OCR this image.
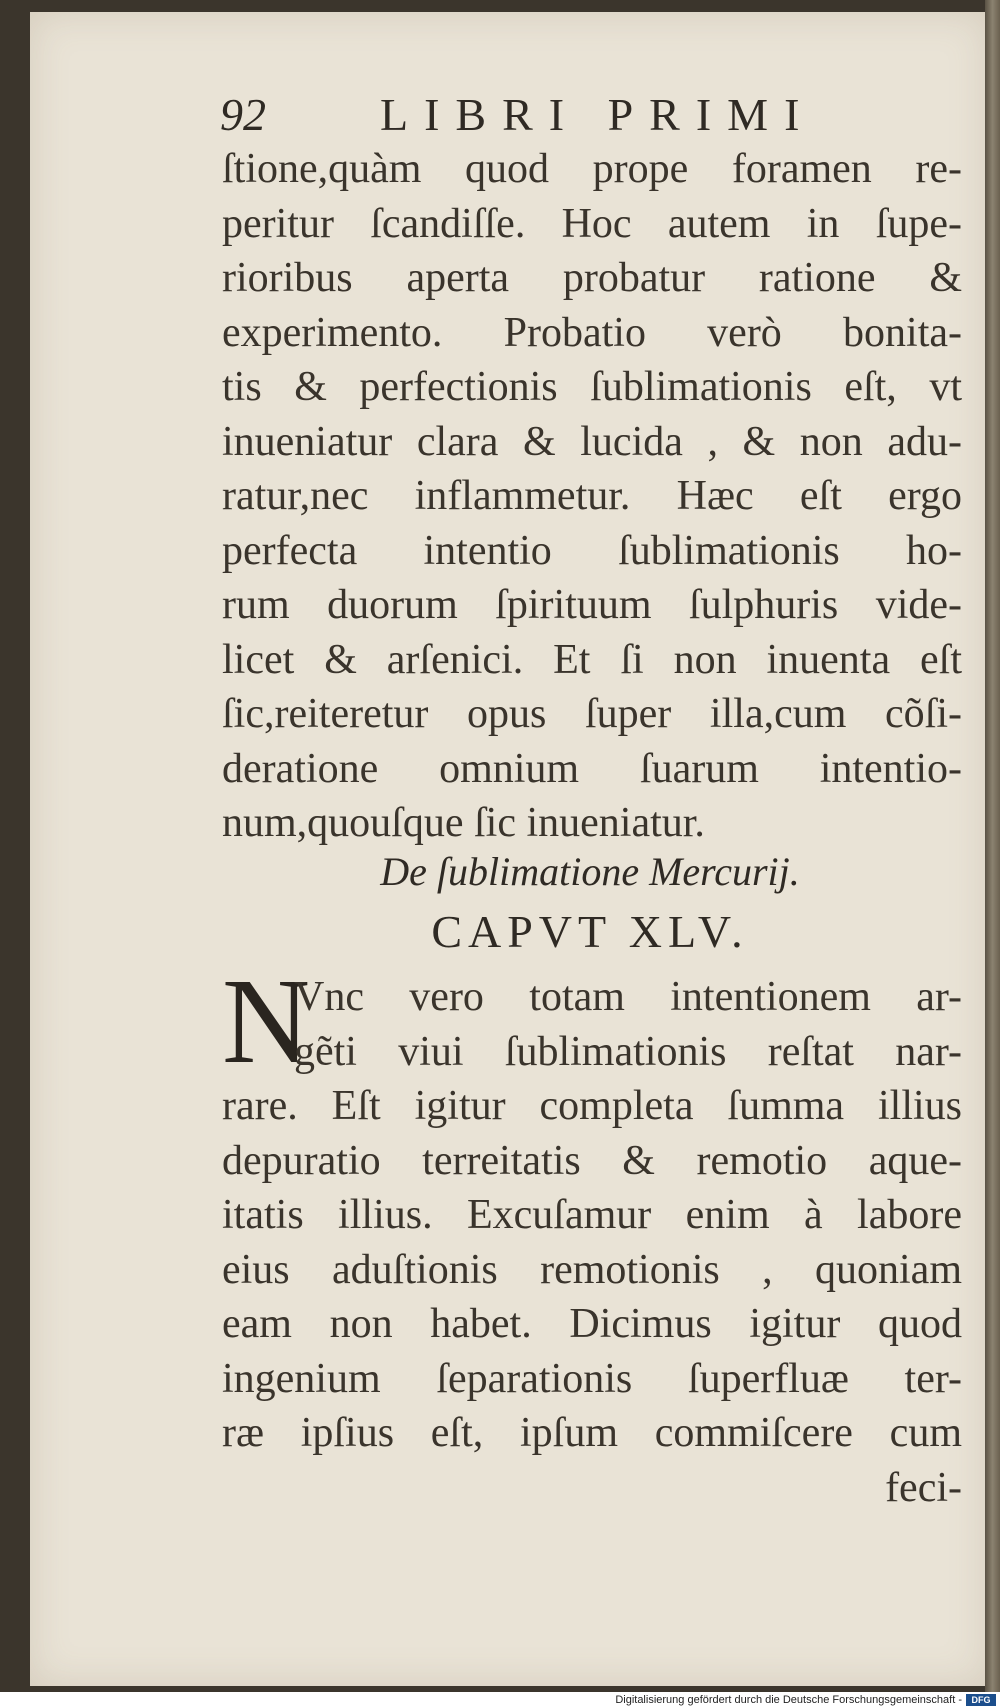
92 LIBRI PRIMI
ſtione,quàm quod prope foramen re-
peritur ſcandiſſe. Hoc autem in ſupe-
rioribus aperta probatur ratione &
experimento. Probatio verò bonita-
tis & perfectionis ſublimationis eſt, vt
inueniatur clara & lucida , & non adu-
ratur,nec inflammetur. Hæc eſt ergo
perfecta intentio ſublimationis ho-
rum duorum ſpirituum ſulphuris vide-
licet & arſenici. Et ſi non inuenta eſt
ſic,reiteretur opus ſuper illa,cum cõſi-
deratione omnium ſuarum intentio-
num,quouſque ſic inueniatur.
De ſublimatione Mercurij.
CAPVT XLV.
N
Vnc vero totam intentionem ar-
gẽti viui ſublimationis reſtat nar-
rare. Eſt igitur completa ſumma illius
depuratio terreitatis & remotio aque-
itatis illius. Excuſamur enim à labore
eius aduſtionis remotionis , quoniam
eam non habet. Dicimus igitur quod
ingenium ſeparationis ſuperfluæ ter-
ræ ipſius eſt, ipſum commiſcere cum
feci-
Digitalisierung gefördert durch die Deutsche Forschungsgemeinschaft -	DFG
